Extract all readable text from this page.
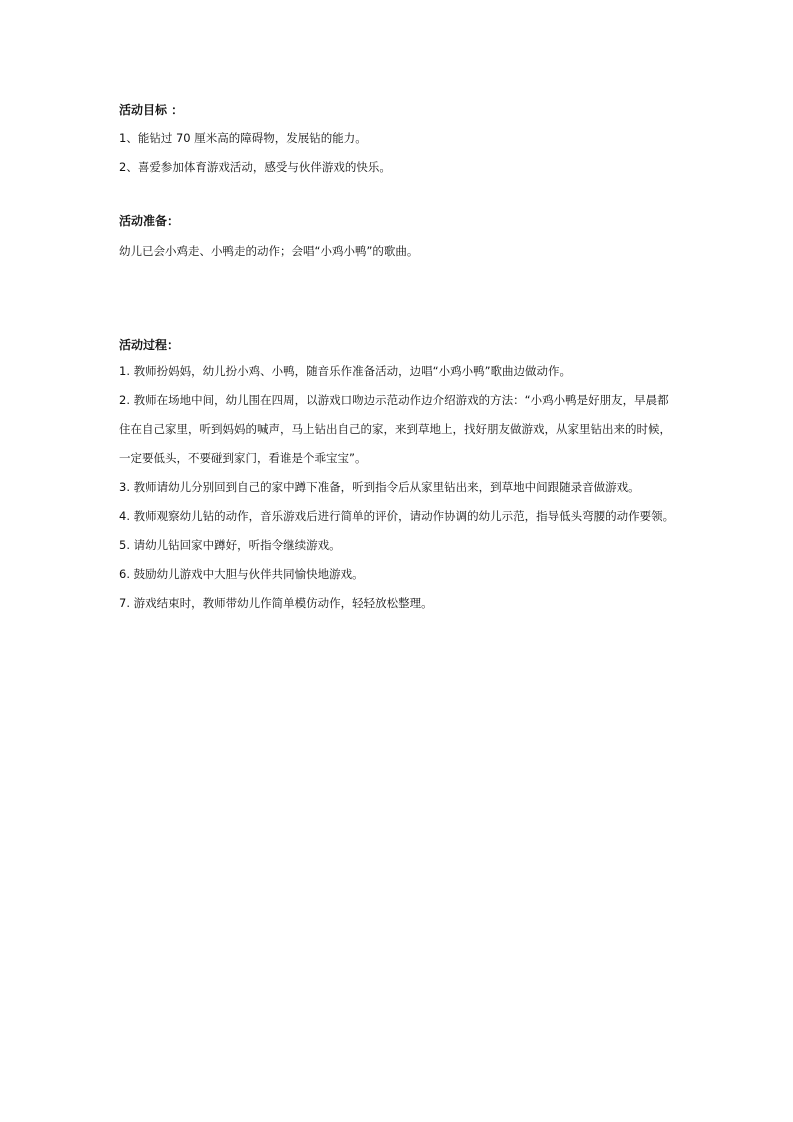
活动目标 ：
1、能钻过 70 厘米高的障碍物，发展钻的能力。
2、喜爱参加体育游戏活动，感受与伙伴游戏的快乐。
活动准备：
幼儿已会小鸡走、小鸭走的动作；会唱“小鸡小鸭”的歌曲。
活动过程：
1. 教师扮妈妈，幼儿扮小鸡、小鸭，随音乐作准备活动，边唱“小鸡小鸭”歌曲边做动作。
2. 教师在场地中间，幼儿围在四周，以游戏口吻边示范动作边介绍游戏的方法：“小鸡小鸭是好朋友，早晨都住在自己家里，听到妈妈的喊声，马上钻出自己的家，来到草地上，找好朋友做游戏，从家里钻出来的时候，一定要低头，不要碰到家门，看谁是个乖宝宝”。
3. 教师请幼儿分别回到自己的家中蹲下准备，听到指令后从家里钻出来，到草地中间跟随录音做游戏。
4. 教师观察幼儿钻的动作，音乐游戏后进行简单的评价，请动作协调的幼儿示范，指导低头弯腰的动作要领。
5. 请幼儿钻回家中蹲好，听指令继续游戏。
6. 鼓励幼儿游戏中大胆与伙伴共同愉快地游戏。
7. 游戏结束时，教师带幼儿作简单模仿动作，轻轻放松整理。
